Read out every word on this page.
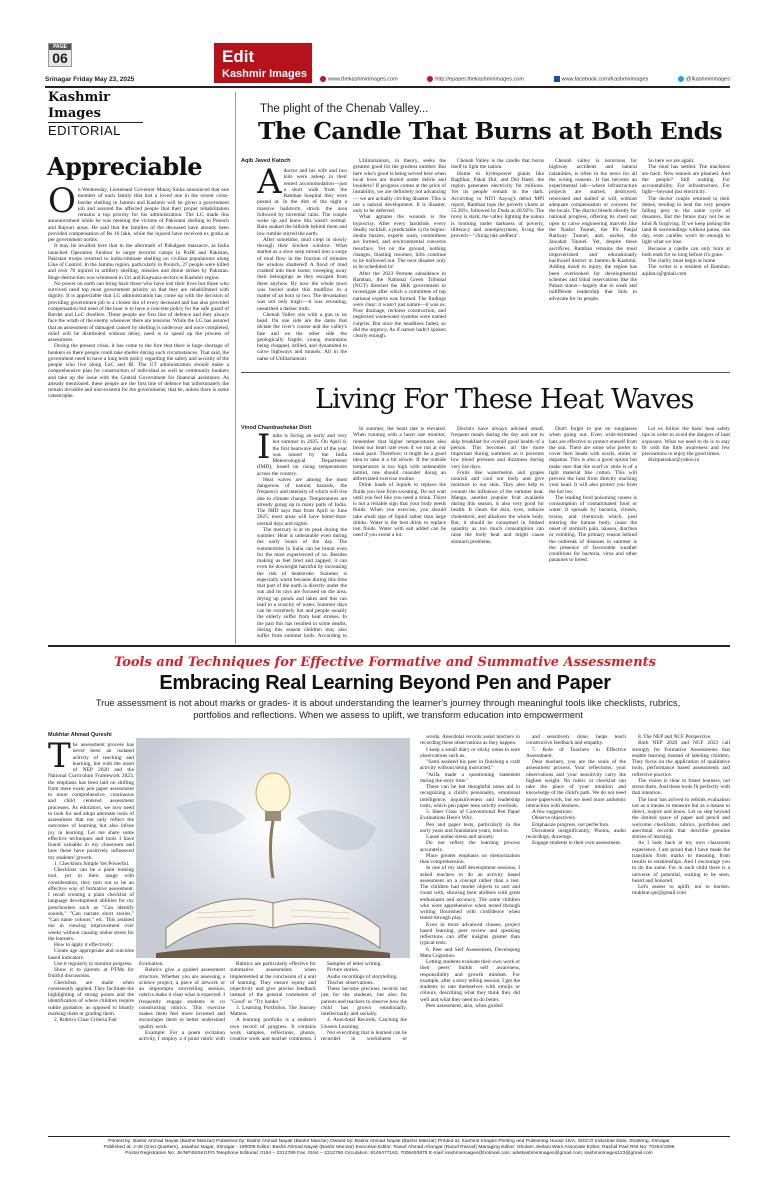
PAGE
06	Edit
Kashmir Images
Srinagar Friday May 23, 2025	www.thekashmirimages.com	http://epaper.thekashmirimages.com	www.facebook.com/Kashmirimages	@Ikashmirimages
Kashmir Images
EDITORIAL
Appreciable
O n Wednesday, Lieutenant Governor Manoj Sinha announced that one member of each family that lost a loved one in the recent cross-border shelling in Jammu and Kashmir will be given a government job and assured the affected people that their proper rehabilitation remains a top priority for his administration. The LG made this announcement while he was meeting the victims of Pakistani shelling in Poonch and Rajouri areas. He said that the families of the deceased have already been provided compensation of Rs 16 lakh, while the injured have received ex gratia as per government norms.

It may be recalled here that in the aftermath of Pahalgam massacre, as India launched Operation Sindoor to target terrorist camps in PoJK and Pakistan, Pakistan troops resorted to indiscriminate shelling on civilian populations along Line of Control. In the Jammu region, particularly in Poonch, 27 people were killed and over 70 injured in artillery shelling, missiles and drone strikes by Pakistan. Huge destruction was witnessed in Uri and Kupwara sectors in Kashmir region.

No power on earth can bring back those who have lost their lives but those who survived need top most government priority so that they are rehabilitated with dignity. It is appreciable that LG administration has come up with the decision of providing government job to a closest kin of every deceased and has also provided compensation but need of the hour is to have a concrete policy for the safe guard of Border and LoC dwellers. These people are first line of defence and they always face the wrath of the enemy whenever there are tensions. While the LG has assured that an assessment of damaged caused by shelling is underway and once completed, relief will be distributed without delay, need is to speed up the process of assessment.

During the present crisis, it has come to the fore that there is huge shortage of bunkers so there people could take shelter during such circumstances. That said, the government need to have a long term policy regarding the safety and security of the people who live along LoC and IB. The UT administration should make a comprehensive plan for construction of individual as well as community bunkers and take up the issue with the Central Government for financial assistance. As already mentioned, these people are the first line of defence but unfortunately the remain invisible and non-existent for the governments, that be, unless there is some catastrophe.

The plight of the Chenab Valley...
The Candle That Burns at Both Ends
Aqib Javed Katoch
A doctor and his wife and two kids were asleep in their rented accommodation—just a short walk from the Ramban hospital they were posted at. In the dim of the night a massive hailstorm struck the area followed by torrential rains. The couple woke up and knew this wasn't normal. Rain soaked the hillside behind them and low rumble stirred the earth.

After sometime, mud crept in slowly through their kitchen window. What started as a slow seep turned into a surge of mud flow in the fraction of minutes the window shattered! A flood of mud crashed into their home, sweeping away their belongings as they escaped from there anyhow. By now the whole town was buried under this mudflow in a matter of an hour or two. The devastation was not only tragic—it was revealing, unearthed a darker truth.

Chenab Valley sits with a gun to its head. On one side are the dams that dictate the river's course and the valley's fate and on the other side the geologically fragile, young mountains being chopped, drilled, and dynamited to carve highways and tunnels. All in the name of Utilitarianism.

Utilitarianism, in theory, seeks the greatest good for the greatest number. But here who's good is being served here when local lives are buried under debris and boulders? If progress comes at the price of instability, we are definitely not advancing — we are actually circling disaster. This is not a natural development. It is disaster, only to be deferred.

What agitates the wounds is the hypocrisy. After every landslide, every deadly rockfall, a predictable cycle begins: media buzzes, experts warn, committees are formed, and environmental concerns resurface. Yet on the ground, nothing changes, blasting resumes, hills continue to be hollowed out. The next disaster only to be scheduled in!

After the 2023 Pernote subsidence in Ramban, the National Green Tribunal (NGT) directed the J&K government to investigate after which a committee of top national experts was formed. The findings were clear: it wasn't just nature—it was us. Poor drainage, reckless construction, and neglected wastewater systems were named culprits. But once the headlines faded, so did the urgency. As if nature hadn't spoken clearly enough.

Chenab Valley is the candle that burns itself to light the nation.

Home to hydropower giants like Baglihar, Pakal Dul, and Dul Hasti, the region generates electricity for millions. Yet its people remain in the dark. According to NITI Aayog's debut MPI report, Ramban tops the poverty charts at 55.26%, followed by Doda at 28.92%. The irony is stark: the valley lighting the nation is looming under darkness of poverty, illiteracy and unemployment, living the proverb—"chirag tale andhera".

Chenab valley is notorious for highway accidents and natural calamities, is often in the news for all the wrong reasons. It has become an experimental lab—where infrastructure projects are started, destroyed, renovated and stalled at will, without adequate compensation or concern for the locals. The district bleeds silently for national progress, offering its chest out open to carve engineering marvels like the Nashri Tunnel, the Pir Panjal Railway Tunnel, and, earlier, the Jawahar Tunnel. Yet, despite these sacrifices, Ramban remains the most impoverished and educationally backward district in Jammu & Kashmir. Adding insult to injury, the region has been overlooked for developmental schemes and tribal reservations like the Pahari status—largely due to weak and indifferent leadership that fails to advocate for its people.

So here we are again:

The mud has settled. The machines are back. New tunnels are planned. And the people? Still waiting. For accountability. For infrastructure. For light—beyond just electricity.

The doctor couple returned to their duties, tending to heal the very people falling prey to the same cycle of disasters. But the future may not be as kind & forgiving. If we keep poking the land & surroundings without pause, one day, even candles won't be enough to light what we lose.

Because a candle can only burn at both ends for so long before it's gone.

The clarity must begin at home

The writer is a resident of Ramban. aqibat.s@gmail.com

Living For These Heat Waves
Vinod Chandrashekar Dixit
I ndia is facing an early and very hot summer in 2025. On April 8, the first heatwave alert of the year was issued by the India Meteorological Department (IMD), based on rising temperatures across the country.

Heat waves are among the most dangerous of natural hazards, the frequency and intensity of which will rise due to climate change. Temperatures are already going up in many parts of India. The IMD says that from April to June 2025, most areas will have hotter-than-normal days and nights.

The mercury is at its peak during the summer. Heat is unbearable even during the early hours of the day. The summertime in India can be brutal even for the most experienced of us. Besides making us feel tired and zapped, it can even be downright harmful by increasing the risk of heatstroke. Summer is especially warm because during this time that part of the earth is directly under the sun and its rays are focused on the area, drying up ponds and lakes and this can lead to a scarcity of water. Summer days can be extremely hot and people usually the elderly suffer from heat strokes. In the past this has resulted in some deaths, during this season children may also suffer from summer boils. According to

In summer, the heart rate is elevated. When running with a heart rate monitor, remember that higher temperatures also boost our heart rate even if we run at our usual pace. Therefore, it might be a good idea to take it a bit slower. If the outside temperature is too high with unbearable humid, one should consider doing an abbreviated exercise routine.

Drink loads of liquids to replace the fluids you lose from sweating. Do not wait until you feel like you need a drink. Thirst is not a reliable sign that your body needs fluids. When you exercise, you should take small sips of liquid rather than large drinks. Water is the best drink to replace lost fluids. Water with salt added can be used if you sweat a lot.

Doctors have always advised small, frequent meals during the day and not to skip breakfast for overall good health of a person. This becomes all the more important during summers as it prevents low blood pressure and dizziness during very hot days.

Fruits like watermelon and grapes nourish and cool our body and give moisture to our skin. They also help to counter the influence of the summer heat. Mango, another popular fruit available during this season, is also very good for health. It clears the skin, eyes, reduces cholesterol, and alkalizes the whole body. But, it should be consumed in limited quantity as too much consumption can raise the body heat and might cause stomach problems.

Don't forget to put on sunglasses when going out. Even wide-brimmed hats are effective to protect oneself from the sun. There are some who prefer to cover their heads with scarfs, stoles or dupattas. This is also a good option but make sure that the scarf or stole is of a light material like cotton. This will prevent the heat from directly reaching your head. It will also protect you from the hot loo.

The leading food poisoning causes is consumption of contaminated food or water. It spreads by bacteria, viruses, toxins, and chemicals which, post entering the human body, cause the onset of stomach pain, nausea, diarrhea or vomiting. The primary reason behind the outbreak of diseases in summer is the presence of favourable weather conditions for bacteria, virus and other parasites to breed.

Let us follow the basic heat safety tips in order to avoid the dangers of heat exposure. What we need to do is to stay fit with the little awareness and few precautions to enjoy the good times.

dixitpatrakar@yahoo.in

Tools and Techniques for Effective Formative and Summative Assessments
Embracing Real Learning Beyond Pen and Paper
True assessment is not about marks or grades- it is about understanding the learner's journey through meaningful tools like checklists, rubrics, portfolios and reflections. When we assess to uplift, we transform education into empowerment
Mukhtar Ahmad Qureshi
T he assessment process has never been an isolated activity of teaching and learning, but with the onset of NEP 2020 and the National Curriculum Framework 2023, the emphasis has been laid on shifting from mere exam pen paper assessment to more comprehensive, continuous and child centered assessment processes. As educators, we now need to look for and adopt alternate tools of assessment that not only reflect the outcomes of learning but also infuse joy in learning. Let me share some effective techniques and tools I have found valuable in my classroom and how these have positively influenced my students' growth.

1. Checklists Simple Yet Powerful.

Checklists can be a plain looking tool, yet in their usage with consideration, they turn out to be an effective way of formative assessment. I recall creating a plain checklist of language development abilities for my preschoolers such as "Can identify sounds," "Can narrate short stories," "Can name colours," etc. This assisted me in viewing improvement over weeks without causing undue stress for the learners.

How to apply it effectively:

Create age appropriate and outcome based indicators.

Use it regularly to monitor progress.

Show it to parents at PTMs for fruitful discussions.

Checklists are made when consistently applied. They facilitate the highlighting of strong points and the identification of where children require subtle guidance, as opposed to bluntly marking them or grading them.

2. Rubrics Clear Criteria Fair

Evaluation.

Rubrics give a guided assessment structure. Whether you are assessing a science project, a piece of artwork or an impromptu storytelling session, rubrics make it clear what is expected. I frequently engage students in co constructing rubrics. This exercise makes them feel more invested and encourages them to better understand quality work.

Example: For a poem recitation activity, I employ a 4 point rubric with

Rubrics are particularly effective for summative assessments when implemented at the conclusion of a unit of learning. They ensure equity and objectivity and give precise feedback instead of the general comments of "Good" or "Try harder."

3. Learning Portfolios, The Journey Matters.

A learning portfolio is a student's own record of progress. It contains work samples, reflections, photos, creative work and teacher comments. I

Samples of letter writing.

Picture stories.

Audio recordings of storytelling.

Teacher observations.

These become precious records not just for the students, but also for parents and teachers to observe how the child has grown emotionally, intellectually and socially.

4. Anecdotal Records, Catching the Unseen Learning.

Not everything that is learned can be recorded in worksheets or

words. Anecdotal records assist teachers in recording these observations as they happen.

I keep a small diary or sticky notes to note observations such as.

"Sami assisted his peer in finishing a craft activity without being instructed."

"Arifa made a questioning statement during the story time."

These can be but thoughtful notes aid in recognizing a child's personality, emotional intelligence, inquisitiveness and leadership traits, which pen paper tests strictly overlook.

5. Steer Clear of Conventional Pen Paper Evaluations Here's Why.

Pen and paper tests, particularly in the early years and foundation years, tend to.

Cause undue stress and anxiety.

Do not reflect the learning process accurately.

Place greater emphasis on memorization than comprehension.

In one of my staff development sessions, I asked teachers to do an activity based assessment on a concept rather than a test. The children had model objects to sort and count with, showing their abilities with great enthusiasm and accuracy. The same children who were apprehensive when tested through writing flourished with confidence when tested through play.

Even in more advanced classes, project based learning, peer review and speaking reflections can offer insights greater than typical tests.

6. Peer and Self Assessment, Developing Meta Cognition.

Letting students evaluate their own work or their peers' builds self awareness, responsibility and growth mindset. For example, after a story telling session, I get the students to rate themselves with emojis or colours, describing what they think they did well and what they need to do better.

Peer assessment, also, when guided

and sensitively done, helps teach constructive feedback and empathy.

7. Role of Teachers in Effective Assessment.

Dear teachers, you are the souls of the assessment process. Your reflections, your observations and your sensitivity carry the highest weight. No rubric or checklist can take the place of your intuition and knowledge of the child's path. We do not need more paperwork, but we need more authentic interaction with learners.

A few suggestions:

Observe objectively.

Emphasize progress, not perfection.

Document insignificantly, Photos, audio recordings, drawings.

Engage students in their own assessment.

8. The NEP and NCF Perspective.

Both NEP 2020 and NCF 2023 call strongly for Formative Assessments that enable learning instead of labeling children. They focus on the application of qualitative tools, performance based assessments and reflective practice.

The vision is clear to foster learners, not stress them. And these tools fit perfectly with that intention.

The hour has arrived to rethink evaluation not as a means to measure but as a means to direct, inspire and know. Let us step beyond the limited space of paper and pencil and welcome checklists, rubrics, portfolios and anecdotal records that describe genuine stories of learning.

As I look back at my own classroom experience, I am proud that I have made the transition from marks to meaning, from results to relationships. And I encourage you to do the same. For in each child there is a universe of potential, waiting to be seen, heard and honored.

Let's assess to uplift, not to burden. mukhtar.qur@gmail.com

Printed by: Bashir Ahmad Nayak (Bashir Manzar) Published by: Bashir Ahmad Nayak (Bashir Manzar) Owned by: Bashir Ahmad Nayak (Bashir Manzar) Printed at: Kashmir Images Printing and Publishing House 15/A, SIDCO Industrial state, Shalteng, Srinagar
Published at: J-38 (Govt Quarters), Jawahar Nagar, Srinagar - 190008 Editor: Bashir Ahmad Nayak (Bashir Manzar) Executive Editor: Raouf Ahmad Ahangar (Raouf Rasool) Managing Editor: Ghulam Jeelani Wani Associate Editor: Rashid Paul RNI No: 70254/1996
Postal Registration No: JK/NP48/SKGPO Telephone Editorial: 0194 – 2312789 Fax: 0194 – 2312790 Circulation: 9149477163, 7006453875 E-mail: kashmirimages@hotmail.com; advtkashmirimages@gmail.com; kashmirimages123@gmail.com
